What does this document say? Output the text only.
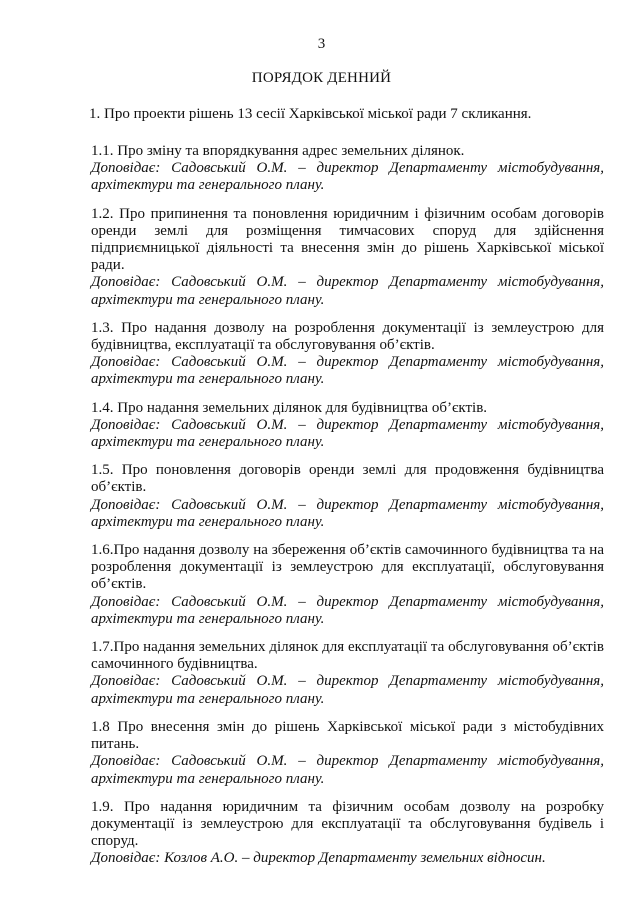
3
ПОРЯДОК ДЕННИЙ
1. Про проекти рішень 13 сесії Харківської міської ради 7 скликання.
1.1. Про зміну та впорядкування адрес земельних ділянок.
Доповідає: Садовський О.М. – директор Департаменту містобудування, архітектури та генерального плану.
1.2. Про припинення та поновлення юридичним і фізичним особам договорів оренди землі для розміщення тимчасових споруд для здійснення підприємницької діяльності та внесення змін до рішень Харківської міської ради.
Доповідає: Садовський О.М. – директор Департаменту містобудування, архітектури та генерального плану.
1.3. Про надання дозволу на розроблення документації із землеустрою для будівництва, експлуатації та обслуговування об’єктів.
Доповідає: Садовський О.М. – директор Департаменту містобудування, архітектури та генерального плану.
1.4. Про надання земельних ділянок для будівництва об’єктів.
Доповідає: Садовський О.М. – директор Департаменту містобудування, архітектури та генерального плану.
1.5. Про поновлення договорів оренди землі для продовження будівництва об’єктів.
Доповідає: Садовський О.М. – директор Департаменту містобудування, архітектури та генерального плану.
1.6.Про надання дозволу на збереження об’єктів самочинного будівництва та на розроблення документації із землеустрою для експлуатації, обслуговування об’єктів.
Доповідає: Садовський О.М. – директор Департаменту містобудування, архітектури та генерального плану.
1.7.Про надання земельних ділянок для експлуатації та обслуговування об’єктів самочинного будівництва.
Доповідає: Садовський О.М. – директор Департаменту містобудування, архітектури та генерального плану.
1.8 Про внесення змін до рішень Харківської міської ради з містобудівних питань.
Доповідає: Садовський О.М. – директор Департаменту містобудування, архітектури та генерального плану.
1.9. Про надання юридичним та фізичним особам дозволу на розробку документації із землеустрою для експлуатації та обслуговування будівель і споруд.
Доповідає: Козлов А.О. – директор Департаменту земельних відносин.
